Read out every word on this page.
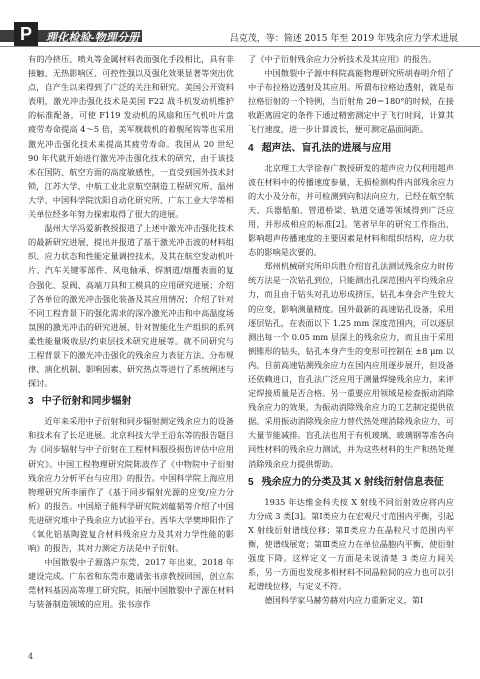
P	理化检验-物理分册	吕克茂，等：简述 2015 年至 2019 年残余应力学术进展

有的冷挤压、喷丸等金属材料表面强化手段相比，具有非接触、无热影响区、可控性强以及强化效果显著等突出优点，自产生以来得到了广泛的关注和研究。美国公开资料表明，激光冲击强化技术是美国 F22 战斗机发动机维护的标准配备，可使 F119 发动机的风扇和压气机叶片盘疲劳寿命提高 4～5 倍，美军舰载机的着舰尾钩等也采用激光冲击强化技术来提高其疲劳寿命。我国从 20 世纪 90 年代就开始进行激光冲击强化技术的研究，由于该技术在国防、航空方面的高度敏感性，一直受到国外技术封锁，江苏大学、中航工业北京航空制造工程研究所、温州大学、中国科学院沈阳自动化研究所、广东工业大学等相关单位经多年努力探索取得了很大的进展。

温州大学冯爱新教授报道了上述中激光冲击强化技术的最新研究进展，提出并报道了基于激光冲击波的材料组织、应力状态和性能定量调控技术，及其在航空发动机叶片、汽车关键零部件、风电轴承、焊割道/熔覆表面的复合强化、泵阀、高端刀具和工模具的应用研究进展；介绍了各单位的激光冲击强化装备及其应用情况；介绍了针对不同工程背景下的强化需求的深冷激光冲击和中高温度场氛围的激光冲击的研究进展，针对智能化生产组织的系列柔性能量吸收层/约束层技术研究进展等。就不同研究与工程背景下的激光冲击强化的残余应力表征方法、分布规律、演化机制、影响因素、研究热点等进行了系统阐述与探讨。

3 中子衍射和同步辐射

近年来采用中子衍射和同步辐射测定残余应力的设备和技术有了长足进展。北京科技大学王沿东等的报告题目为《同步辐射与中子衍射在工程材料服役损伤评估中应用研究》。中国工程物理研究院陈波作了《中物院中子衍射残余应力分析平台与应用》的报告。中国科学院上海应用物理研究所李丽作了《基于同步辐射光源的应变/应力分析》的报告。中国原子能科学研究院刘蕴韬等介绍了中国先进研究堆中子残余应力试验平台。西华大学樊坤阳作了《氧化铝基陶瓷复合材料残余应力及其对力学性能的影响》的报告，其对力测定方法是中子衍射。

中国散裂中子源落户东莞，2017 年出束，2018 年建设完成。广东省和东莞市邀请张书彦教授回国，创立东莞材料基因高等理工研究院，拓展中国散裂中子源在材料与装备制造领域的应用。张书彦作

了《中子衍射残余应力分析技术及其应用》的报告。

中国散裂中子源中科院高能物理研究所胡春明介绍了中子布拉格边透射及其应用。所谓布拉格边透射，就是布拉格衍射的一个特例，当衍射角 2θ＝180°的时候，在接收距离固定的条件下通过精密测定中子飞行时间，计算其飞行速度，进一步计算波长，便可测定晶面间距。

4 超声法、盲孔法的进展与应用

北京理工大学徐春广教授研发的超声应力仪利用超声波在材料中的传播速度参量，无损检测构件内部残余应力的大小及分布，并可检测到向和法向应力，已经在航空航天、兵器船舶、管道桥梁、轨道交通等领域得到广泛应用，并形成相应的标准[2]。笔者早年的研究工作指出，影响超声传播速度的主要因素是材料和组织结构，应力状态的影响是次要的。

郑州机械研究所印兵胜介绍盲孔法测试残余应力时传统方法是一次钻孔到位，只能测出孔深范围内平均残余应力，而且由于钻头对孔边形成挤压，钻孔本身会产生较大的应变，影响测量精度。国外最新的高速钻孔设备，采用逐层钻孔，在表面以下 1.25 mm 深度范围内，可以逐层测出每一个 0.05 mm 层深上的残余应力，而且由于采用倒锥形的钻头，钻孔本身产生的变形可控制在 ±8 μm 以内。目前高速钻测残余应力在国内应用逐步展开，但设备还依赖进口，盲孔法广泛应用于测量焊缝残余应力，来评定焊接质量是否合格。另一重要应用领域是检查振动消除残余应力的效果，为振动消除残余应力的工艺制定提供依据。采用振动消除残余应力替代热处理消除残余应力，可大量节能减排。盲孔法也用于有机玻璃、玻璃钢等准各向同性材料的残余应力测试，并为这些材料的生产和热处理消除残余应力提供帮助。

5 残余应力的分类及其 X 射线衍射信息表征

1935 年达维金科夫按 X 射线不同衍射效应将内应力分成 3 类[3]。第Ⅰ类应力在宏观尺寸范围内平衡，引起 X 射线衍射谱线位移；第Ⅱ类应力在晶粒尺寸范围内平衡，使谱线展宽；第Ⅲ类应力在单位晶胞内平衡，使衍射强度下降。这样定义一方面是未说清楚 3 类应力间关系，另一方面也发现多相材料不同晶粒间的应力也可以引起谱线位移，与定义不符。

德国科学家马赫劳赫对内应力重新定义，第Ⅰ

4
